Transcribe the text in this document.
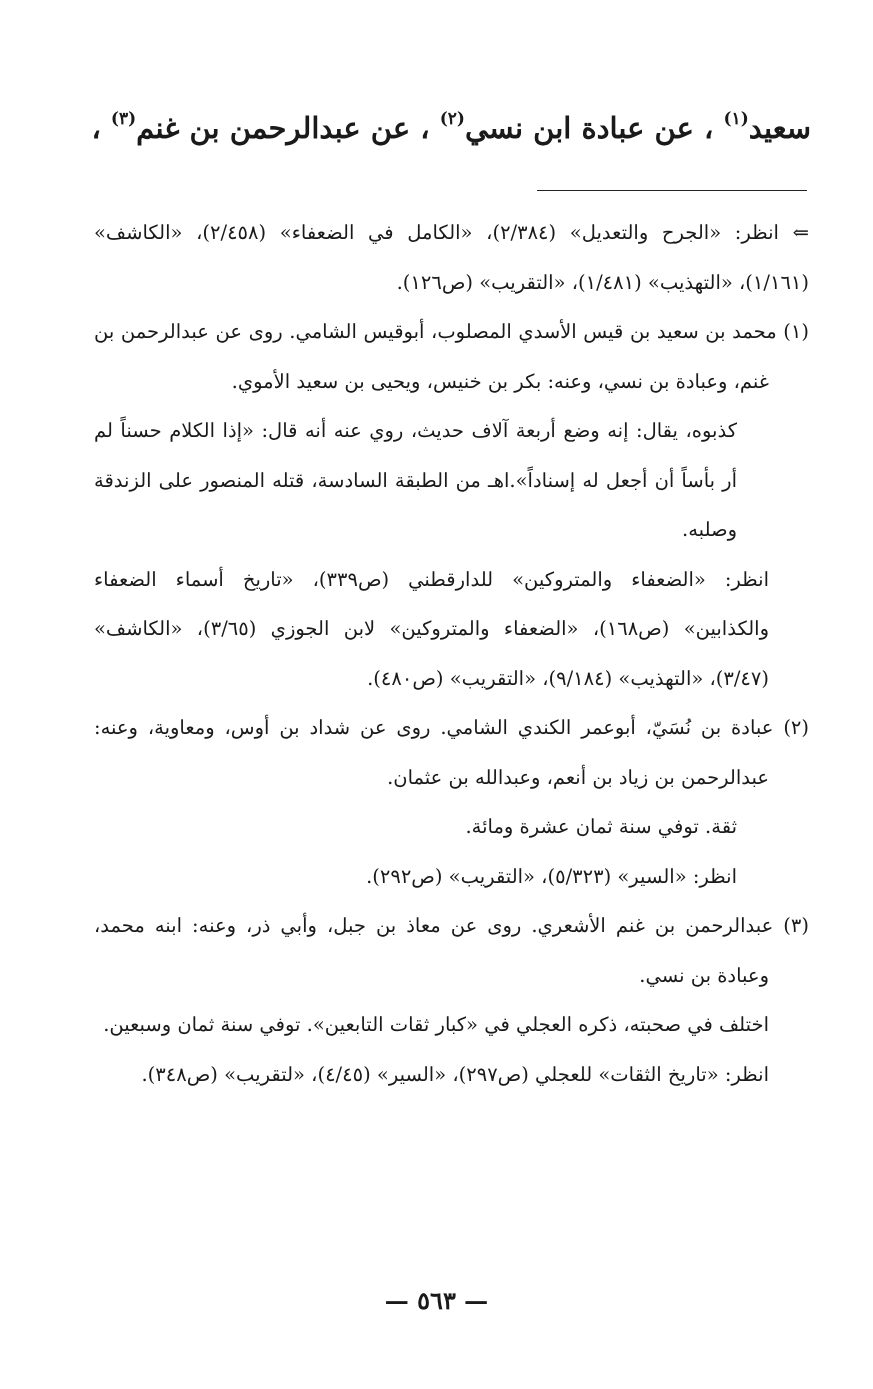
سعيد$^{(١)}$ ، عن عبادة ابن نسي$^{(٢)}$ ، عن عبدالرحمن بن غنم$^{(٣)}$ ،

⇐ انظر: «الجرح والتعديل» (٢/٣٨٤)، «الكامل في الضعفاء» (٢/٤٥٨)، «الكاشف» (١/١٦١)، «التهذيب» (١/٤٨١)، «التقريب» (ص١٢٦).

(١) محمد بن سعيد بن قيس الأسدي المصلوب، أبوقيس الشامي. روى عن عبدالرحمن بن غنم، وعبادة بن نسي، وعنه: بكر بن خنيس، ويحيى بن سعيد الأموي.

كذبوه، يقال: إنه وضع أربعة آلاف حديث، روي عنه أنه قال: «إذا الكلام حسناً لم أر بأساً أن أجعل له إسناداً».اهـ من الطبقة السادسة، قتله المنصور على الزندقة وصلبه.

انظر: «الضعفاء والمتروكين» للدارقطني (ص٣٣٩)، «تاريخ أسماء الضعفاء والكذابين» (ص١٦٨)، «الضعفاء والمتروكين» لابن الجوزي (٣/٦٥)، «الكاشف» (٣/٤٧)، «التهذيب» (٩/١٨٤)، «التقريب» (ص٤٨٠).

(٢) عبادة بن نُسَيّ، أبوعمر الكندي الشامي. روى عن شداد بن أوس، ومعاوية، وعنه: عبدالرحمن بن زياد بن أنعم، وعبدالله بن عثمان.

ثقة. توفي سنة ثمان عشرة ومائة.

انظر: «السير» (٥/٣٢٣)، «التقريب» (ص٢٩٢).

(٣) عبدالرحمن بن غنم الأشعري. روى عن معاذ بن جبل، وأبي ذر، وعنه: ابنه محمد، وعبادة بن نسي.

اختلف في صحبته، ذكره العجلي في «كبار ثقات التابعين». توفي سنة ثمان وسبعين.

انظر: «تاريخ الثقات» للعجلي (ص٢٩٧)، «السير» (٤/٤٥)، «لتقريب» (ص٣٤٨).

— ٥٦٣ —
